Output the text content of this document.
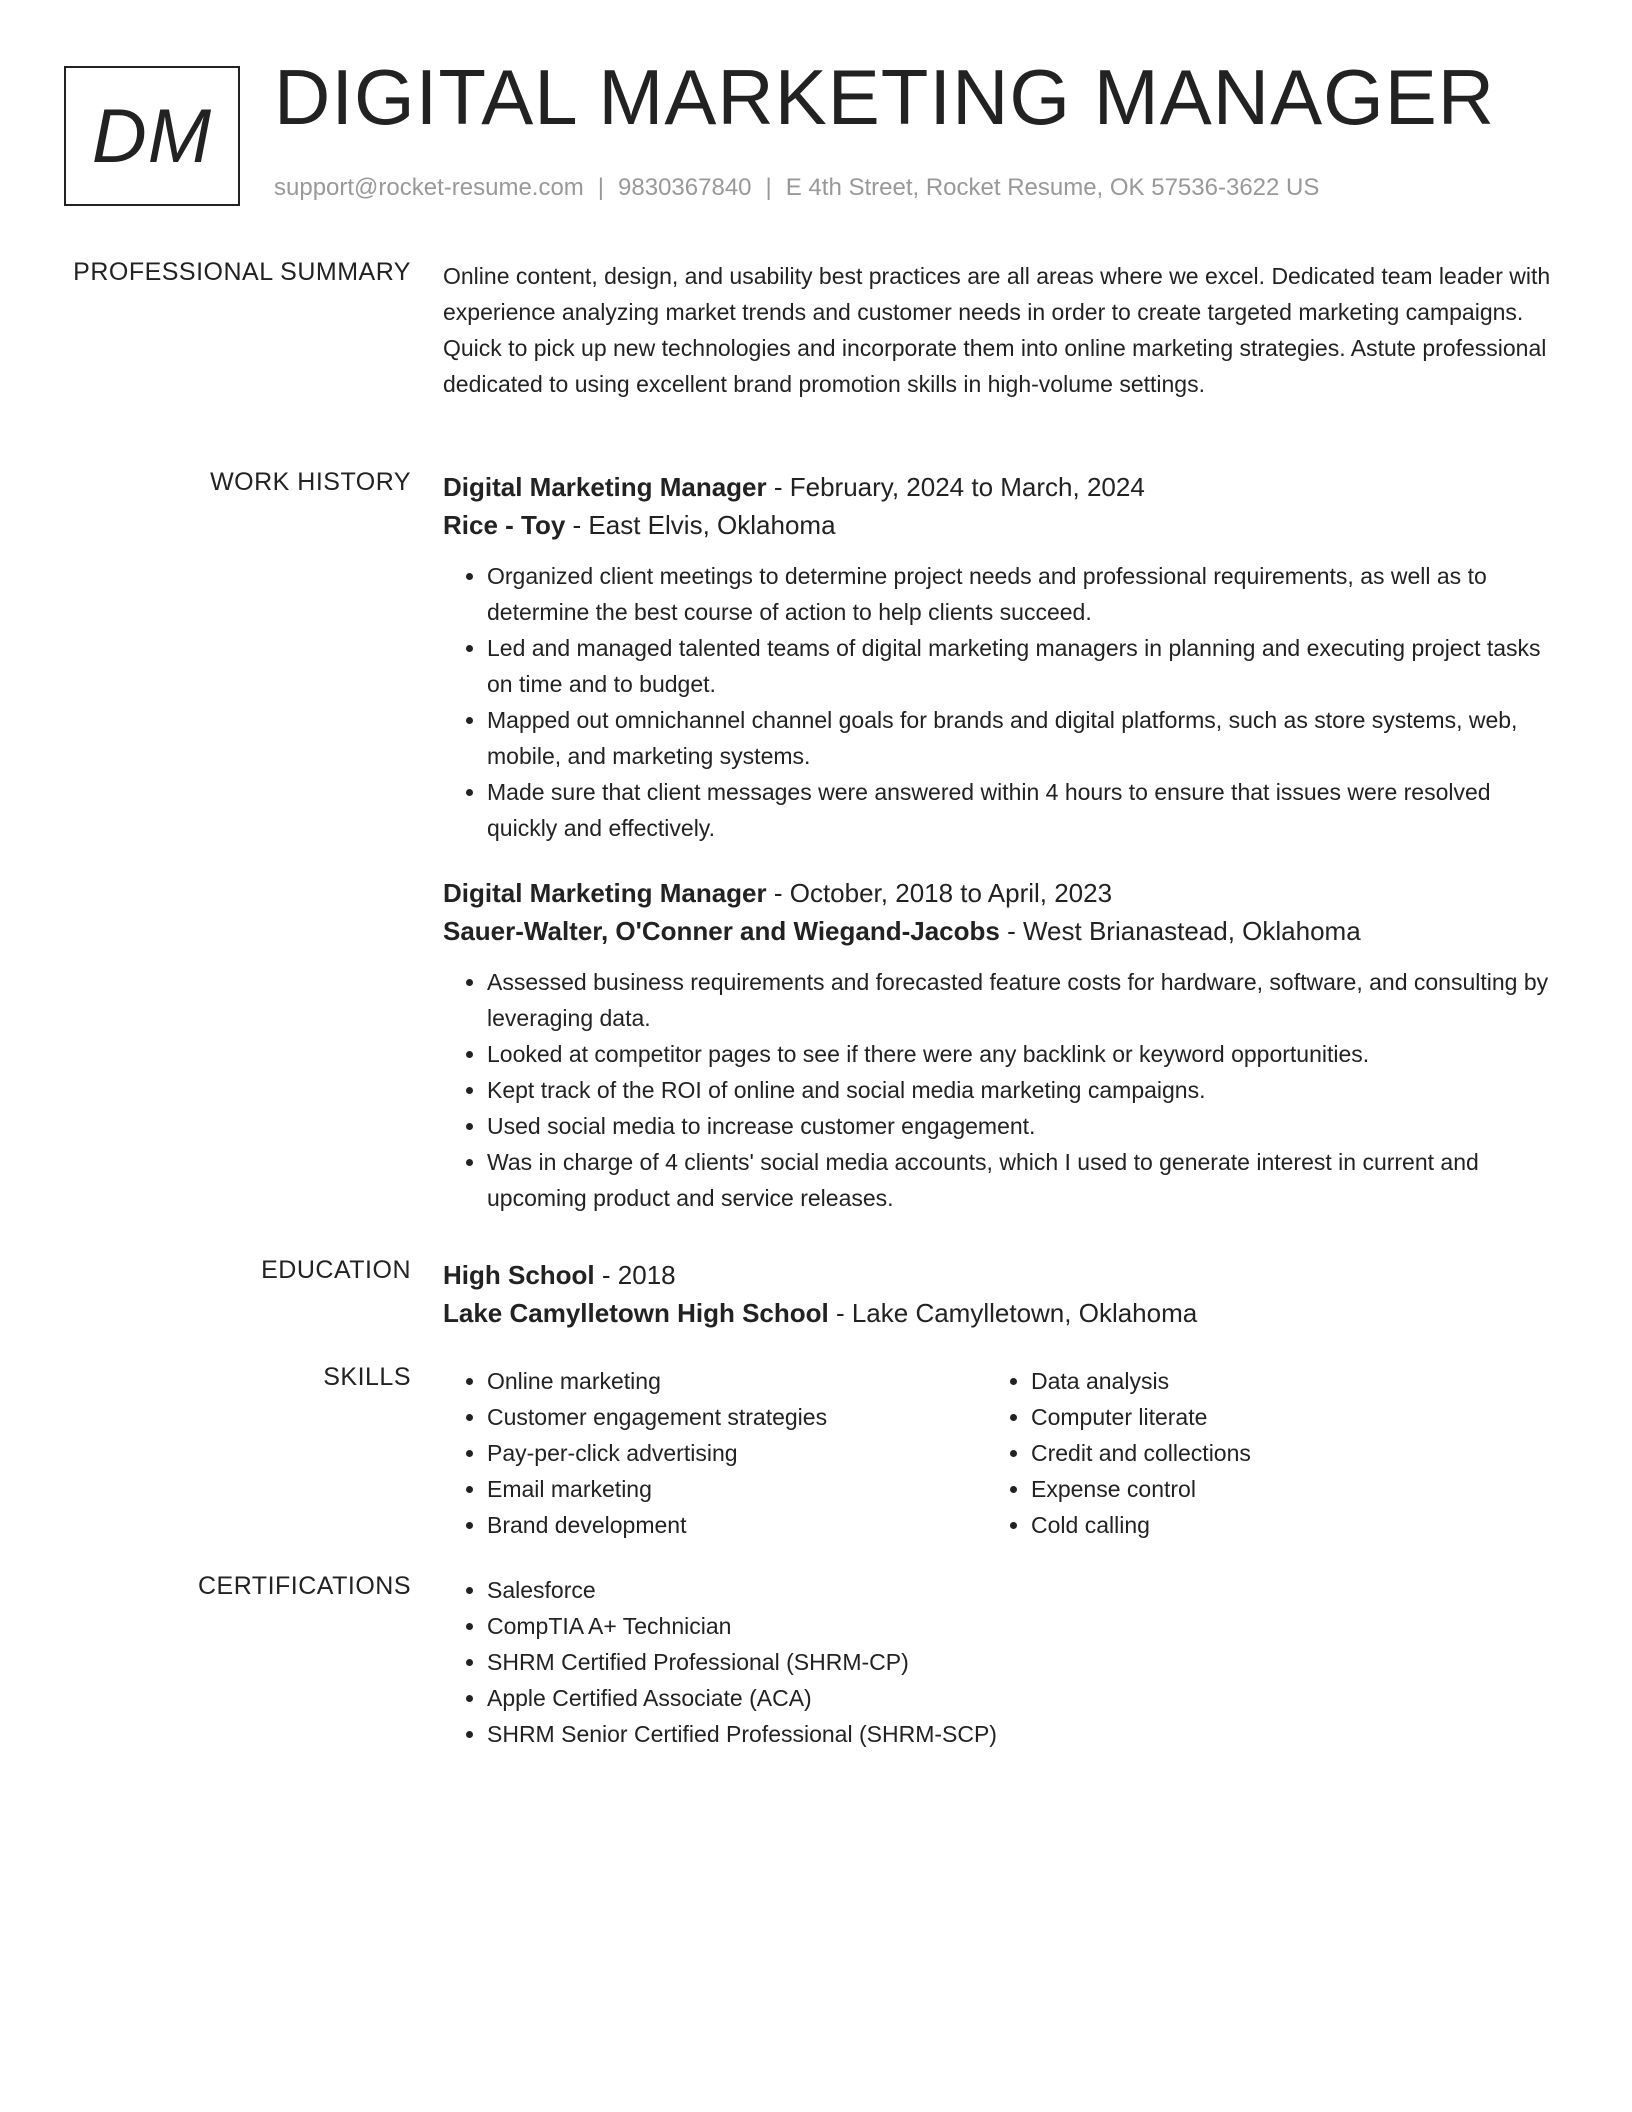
DM DIGITAL MARKETING MANAGER
support@rocket-resume.com | 9830367840 | E 4th Street, Rocket Resume, OK 57536-3622 US
PROFESSIONAL SUMMARY Online content, design, and usability best practices are all areas where we excel. Dedicated team leader with experience analyzing market trends and customer needs in order to create targeted marketing campaigns. Quick to pick up new technologies and incorporate them into online marketing strategies. Astute professional dedicated to using excellent brand promotion skills in high-volume settings.
WORK HISTORY Digital Marketing Manager - February, 2024 to March, 2024
Rice - Toy - East Elvis, Oklahoma
• Organized client meetings to determine project needs and professional requirements, as well as to determine the best course of action to help clients succeed.
• Led and managed talented teams of digital marketing managers in planning and executing project tasks on time and to budget.
• Mapped out omnichannel channel goals for brands and digital platforms, such as store systems, web, mobile, and marketing systems.
• Made sure that client messages were answered within 4 hours to ensure that issues were resolved quickly and effectively.
Digital Marketing Manager - October, 2018 to April, 2023
Sauer-Walter, O'Conner and Wiegand-Jacobs - West Brianastead, Oklahoma
• Assessed business requirements and forecasted feature costs for hardware, software, and consulting by leveraging data.
• Looked at competitor pages to see if there were any backlink or keyword opportunities.
• Kept track of the ROI of online and social media marketing campaigns.
• Used social media to increase customer engagement.
• Was in charge of 4 clients' social media accounts, which I used to generate interest in current and upcoming product and service releases.
EDUCATION High School - 2018
Lake Camylletown High School - Lake Camylletown, Oklahoma
SKILLS	• Online marketing
• Customer engagement strategies
• Pay-per-click advertising
• Email marketing
• Brand development
• Data analysis
• Computer literate
• Credit and collections
• Expense control
• Cold calling
CERTIFICATIONS	• Salesforce
• CompTIA A+ Technician
• SHRM Certified Professional (SHRM-CP)
• Apple Certified Associate (ACA)
• SHRM Senior Certified Professional (SHRM-SCP)
